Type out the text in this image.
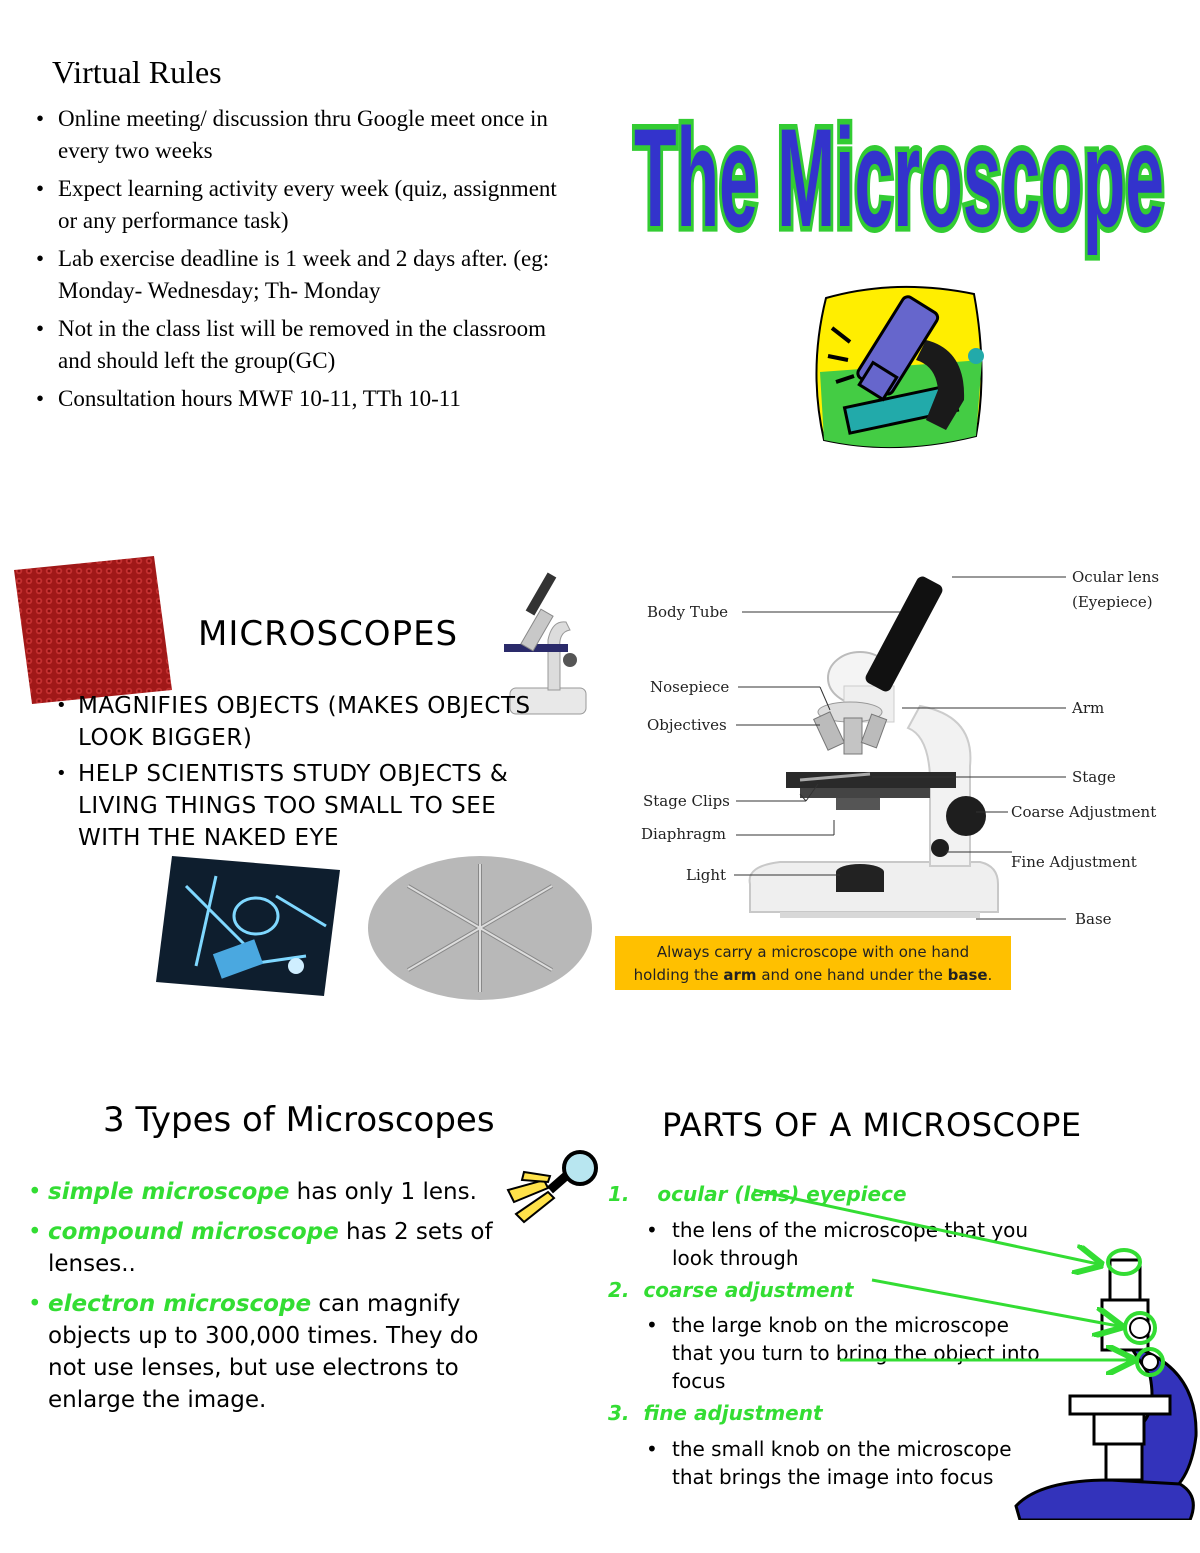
Virtual Rules
• Online meeting/ discussion thru Google meet once in every two weeks
• Expect learning activity every week (quiz, assignment or any performance task)
• Lab exercise deadline is 1 week and 2 days after. (eg: Monday- Wednesday; Th- Monday
• Not in the class list will be removed in the classroom and should left the group(GC)
• Consultation hours MWF 10-11, TTh 10-11
The Microscope
MICROSCOPES
• MAGNIFIES OBJECTS (MAKES OBJECTS LOOK BIGGER)
• HELP SCIENTISTS STUDY OBJECTS & LIVING THINGS TOO SMALL TO SEE WITH THE NAKED EYE
Ocular lens
(Eyepiece)
Body Tube
Nosepiece
Arm
Objectives
Stage
Stage Clips
Coarse Adjustment
Diaphragm
Fine Adjustment
Light
Base
Always carry a microscope with one hand
holding the arm and one hand under the base.
3 Types of Microscopes
• simple microscope has only 1 lens.
• compound microscope has 2 sets of lenses..
• electron microscope can magnify objects up to 300,000 times. They do not use lenses, but use electrons to enlarge the image.
PARTS OF A MICROSCOPE
1. ocular (lens) eyepiece
• the lens of the microscope that you look through
2. coarse adjustment
• the large knob on the microscope that you turn to bring the object into focus
3. fine adjustment
• the small knob on the microscope that brings the image into focus
